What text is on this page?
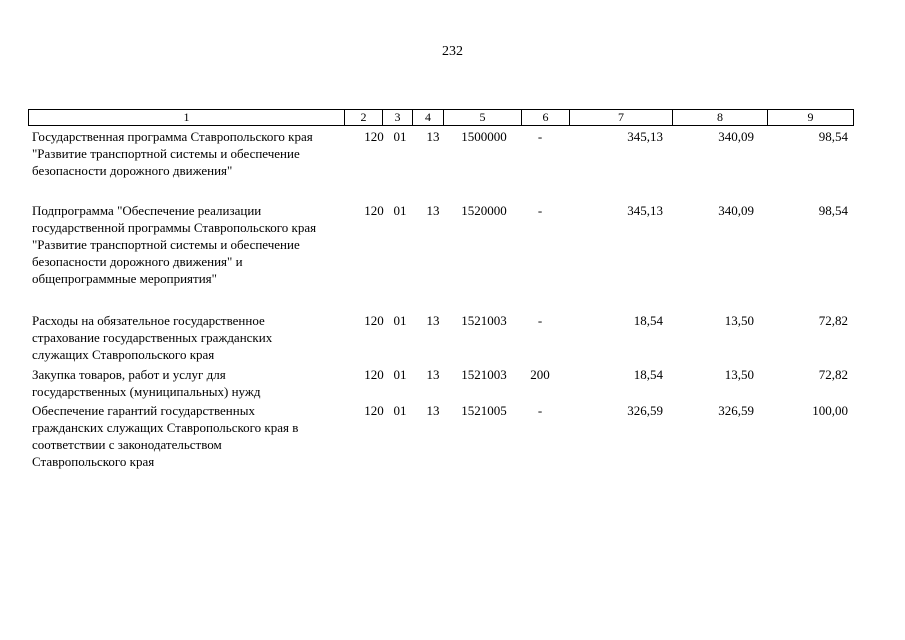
232
1	2	3	4	5	6	7	8	9
Государственная программа Ставропольского края
"Развитие транспортной системы и обеспечение
безопасности дорожного движения"
120 01	13	1500000	-	345,13	340,09	98,54
Подпрограмма "Обеспечение реализации
государственной программы Ставропольского края
"Развитие транспортной системы и обеспечение
безопасности дорожного движения" и
общепрограммные мероприятия"
120 01	13	1520000	-	345,13	340,09	98,54
Расходы на обязательное государственное
страхование государственных гражданских
служащих Ставропольского края
120 01	13	1521003	-	18,54	13,50	72,82
Закупка товаров, работ и услуг для
государственных (муниципальных) нужд
120 01	13	1521003	200	18,54	13,50	72,82
Обеспечение гарантий государственных
гражданских служащих Ставропольского края в
соответствии с законодательством
Ставропольского края
120 01	13	1521005	-	326,59	326,59	100,00
